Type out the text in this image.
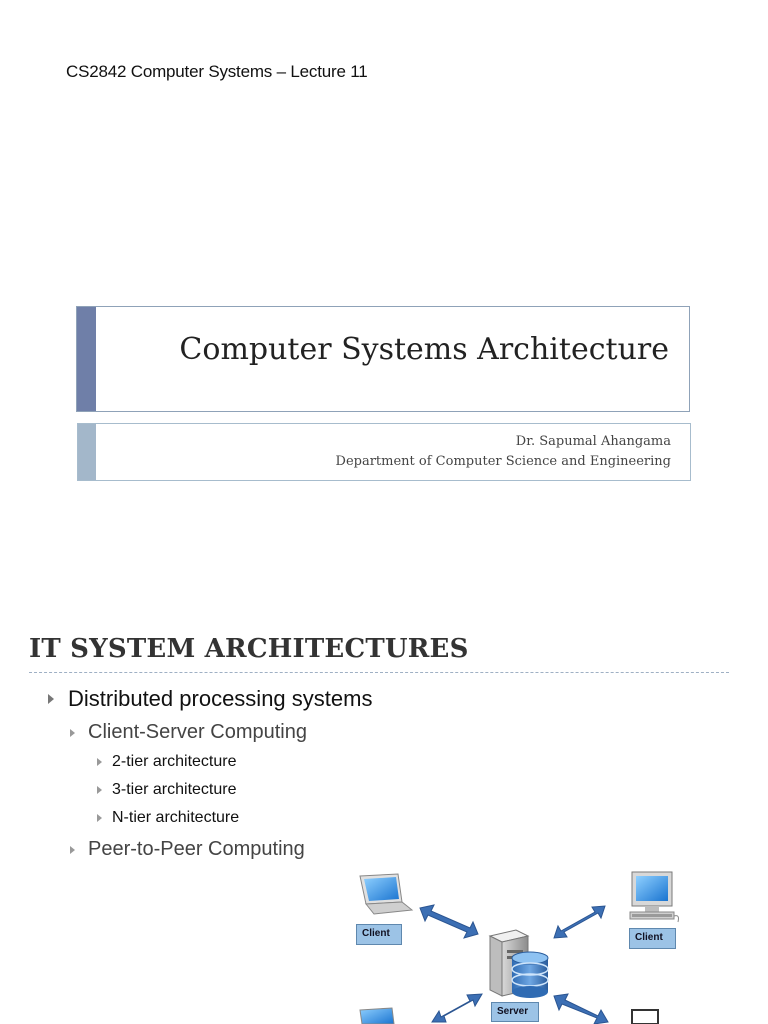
CS2842 Computer Systems – Lecture 11
Computer Systems Architecture
Dr. Sapumal Ahangama
Department of Computer Science and Engineering
IT SYSTEM ARCHITECTURES
Distributed processing systems
Client-Server Computing
2-tier architecture
3-tier architecture
N-tier architecture
Peer-to-Peer Computing
Client	Client
Server
